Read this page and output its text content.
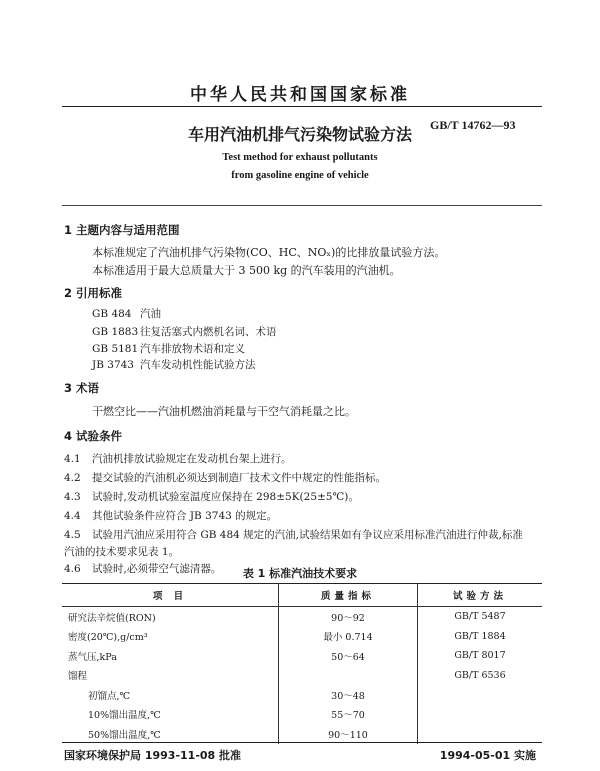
中华人民共和国国家标准
GB/T 14762—93
车用汽油机排气污染物试验方法
Test method for exhaust pollutants
from gasoline engine of vehicle
1 主题内容与适用范围
本标准规定了汽油机排气污染物(CO、HC、NOₓ)的比排放量试验方法。
本标准适用于最大总质量大于 3 500 kg 的汽车装用的汽油机。
2 引用标准
GB 484 汽油
GB 1883 往复活塞式内燃机名词、术语
GB 5181 汽车排放物术语和定义
JB 3743 汽车发动机性能试验方法
3 术语
干燃空比——汽油机燃油消耗量与干空气消耗量之比。
4 试验条件
4.1 汽油机排放试验规定在发动机台架上进行。
4.2 提交试验的汽油机必须达到制造厂技术文件中规定的性能指标。
4.3 试验时,发动机试验室温度应保持在 298±5K(25±5℃)。
4.4 其他试验条件应符合 JB 3743 的规定。
4.5 试验用汽油应采用符合 GB 484 规定的汽油,试验结果如有争议应采用标准汽油进行仲裁,标准
汽油的技术要求见表 1。
4.6 试验时,必须带空气滤清器。	表 1 标准汽油技术要求
项 目	质量指标	试验方法
研究法辛烷值(RON)	90～92	GB/T 5487
密度(20℃),g/cm³	最小 0.714	GB/T 1884
蒸气压,kPa	50～64	GB/T 8017
馏程		GB/T 6536
初馏点,℃	30～48	
10%馏出温度,℃	55～70	
50%馏出温度,℃	90～110	
国家环境保护局 1993-11-08 批准	1994-05-01 实施
